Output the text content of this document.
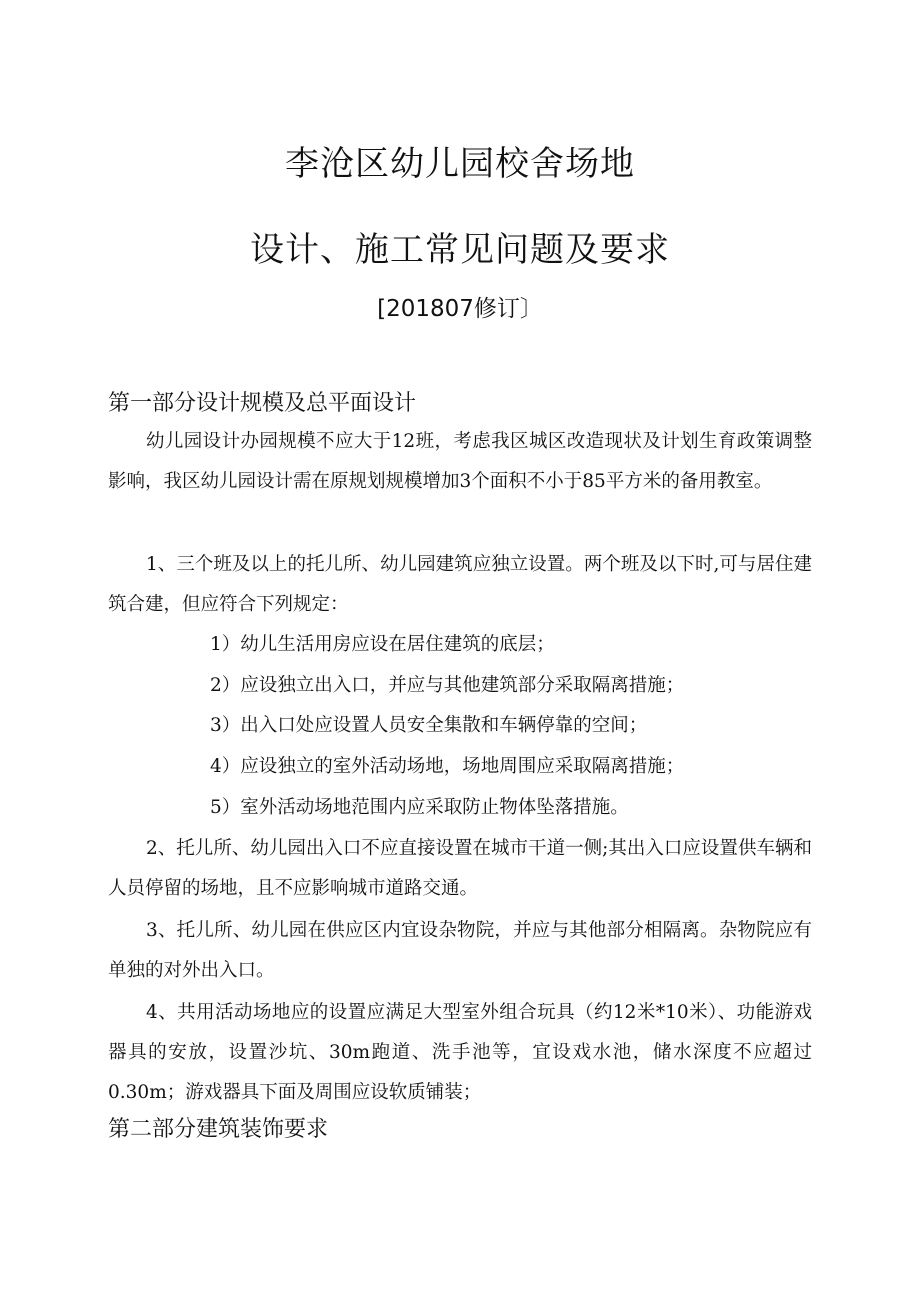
李沧区幼儿园校舍场地
设计、施工常见问题及要求
[201807修订〕
第一部分设计规模及总平面设计

幼儿园设计办园规模不应大于12班，考虑我区城区改造现状及计划生育政策调整影响，我区幼儿园设计需在原规划规模增加3个面积不小于85平方米的备用教室。

1、三个班及以上的托儿所、幼儿园建筑应独立设置。两个班及以下时,可与居住建筑合建，但应符合下列规定：

1）幼儿生活用房应设在居住建筑的底层；

2）应设独立出入口，并应与其他建筑部分采取隔离措施；

3）出入口处应设置人员安全集散和车辆停靠的空间；

4）应设独立的室外活动场地，场地周围应采取隔离措施；

5）室外活动场地范围内应采取防止物体坠落措施。

2、托儿所、幼儿园出入口不应直接设置在城市干道一侧;其出入口应设置供车辆和人员停留的场地，且不应影响城市道路交通。

3、托儿所、幼儿园在供应区内宜设杂物院，并应与其他部分相隔离。杂物院应有单独的对外出入口。

4、共用活动场地应的设置应满足大型室外组合玩具（约12米*10米）、功能游戏器具的安放，设置沙坑、30m跑道、洗手池等，宜设戏水池，储水深度不应超过0.30m；游戏器具下面及周围应设软质铺装；

第二部分建筑装饰要求
